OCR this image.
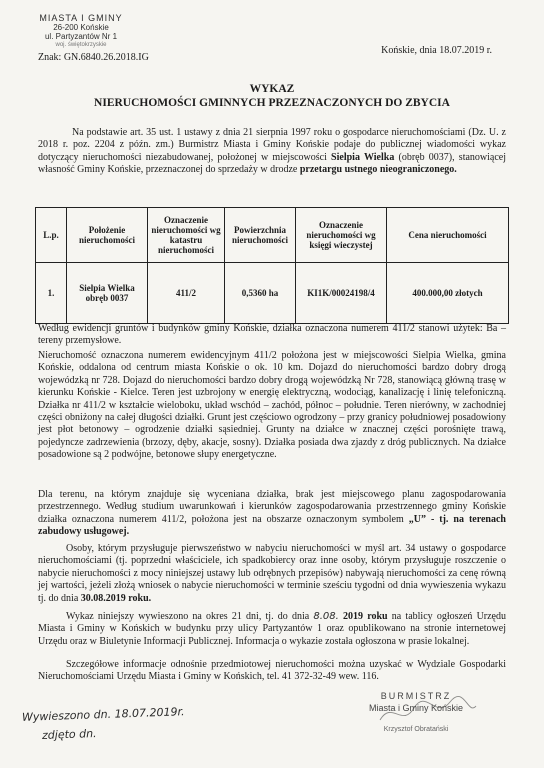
MIASTA I GMINY
26-200 Końskie
ul. Partyzantów Nr 1
woj. świętokrzyskie
Znak: GN.6840.26.2018.IG
Końskie, dnia 18.07.2019 r.
WYKAZ
NIERUCHOMOŚCI GMINNYCH PRZEZNACZONYCH DO ZBYCIA
Na podstawie art. 35 ust. 1 ustawy z dnia 21 sierpnia 1997 roku o gospodarce nieruchomościami (Dz. U. z 2018 r. poz. 2204 z późn. zm.) Burmistrz Miasta i Gminy Końskie podaje do publicznej wiadomości wykaz dotyczący nieruchomości niezabudowanej, położonej w miejscowości Sielpia Wielka (obręb 0037), stanowiącej własność Gminy Końskie, przeznaczonej do sprzedaży w drodze przetargu ustnego nieograniczonego.
L.p.	Położenie nieruchomości	Oznaczenie nieruchomości wg katastru nieruchomości	Powierzchnia nieruchomości	Oznaczenie nieruchomości wg księgi wieczystej	Cena nieruchomości
1.	Sielpia Wielka obręb 0037	411/2	0,5360 ha	KI1K/00024198/4	400.000,00 złotych
Według ewidencji gruntów i budynków gminy Końskie, działka oznaczona numerem 411/2 stanowi użytek: Ba – tereny przemysłowe.
Nieruchomość oznaczona numerem ewidencyjnym 411/2 położona jest w miejscowości Sielpia Wielka, gmina Końskie, oddalona od centrum miasta Końskie o ok. 10 km. Dojazd do nieruchomości bardzo dobry drogą wojewódzką nr 728. Dojazd do nieruchomości bardzo dobry drogą wojewódzką Nr 728, stanowiącą główną trasę w kierunku Końskie - Kielce. Teren jest uzbrojony w energię elektryczną, wodociąg, kanalizację i linię telefoniczną. Działka nr 411/2 w kształcie wieloboku, układ wschód – zachód, północ – południe. Teren nierówny, w zachodniej części obniżony na całej długości działki. Grunt jest częściowo ogrodzony – przy granicy południowej posadowiony jest płot betonowy – ogrodzenie działki sąsiedniej. Grunty na działce w znacznej części porośnięte trawą, pojedyncze zadrzewienia (brzozy, dęby, akacje, sosny). Działka posiada dwa zjazdy z dróg publicznych. Na działce posadowione są 2 podwójne, betonowe słupy energetyczne.
Dla terenu, na którym znajduje się wyceniana działka, brak jest miejscowego planu zagospodarowania przestrzennego. Według studium uwarunkowań i kierunków zagospodarowania przestrzennego gminy Końskie działka oznaczona numerem 411/2, położona jest na obszarze oznaczonym symbolem „U” - tj. na terenach zabudowy usługowej.
Osoby, którym przysługuje pierwszeństwo w nabyciu nieruchomości w myśl art. 34 ustawy o gospodarce nieruchomościami (tj. poprzedni właściciele, ich spadkobiercy oraz inne osoby, którym przysługuje roszczenie o nabycie nieruchomości z mocy niniejszej ustawy lub odrębnych przepisów) nabywają nieruchomości za cenę równą jej wartości, jeżeli złożą wniosek o nabycie nieruchomości w terminie sześciu tygodni od dnia wywieszenia wykazu tj. do dnia 30.08.2019 roku.
Wykaz niniejszy wywieszono na okres 21 dni, tj. do dnia 8.08. 2019 roku na tablicy ogłoszeń Urzędu Miasta i Gminy w Końskich w budynku przy ulicy Partyzantów 1 oraz opublikowano na stronie internetowej Urzędu oraz w Biuletynie Informacji Publicznej. Informacja o wykazie została ogłoszona w prasie lokalnej.
Szczegółowe informacje odnośnie przedmiotowej nieruchomości można uzyskać w Wydziale Gospodarki Nieruchomościami Urzędu Miasta i Gminy w Końskich, tel. 41 372-32-49 wew. 116.
BURMISTRZ
Miasta i Gminy Końskie
Krzysztof Obratański
Wywieszono dn. 18.07.2019r.
zdjęto dn.
